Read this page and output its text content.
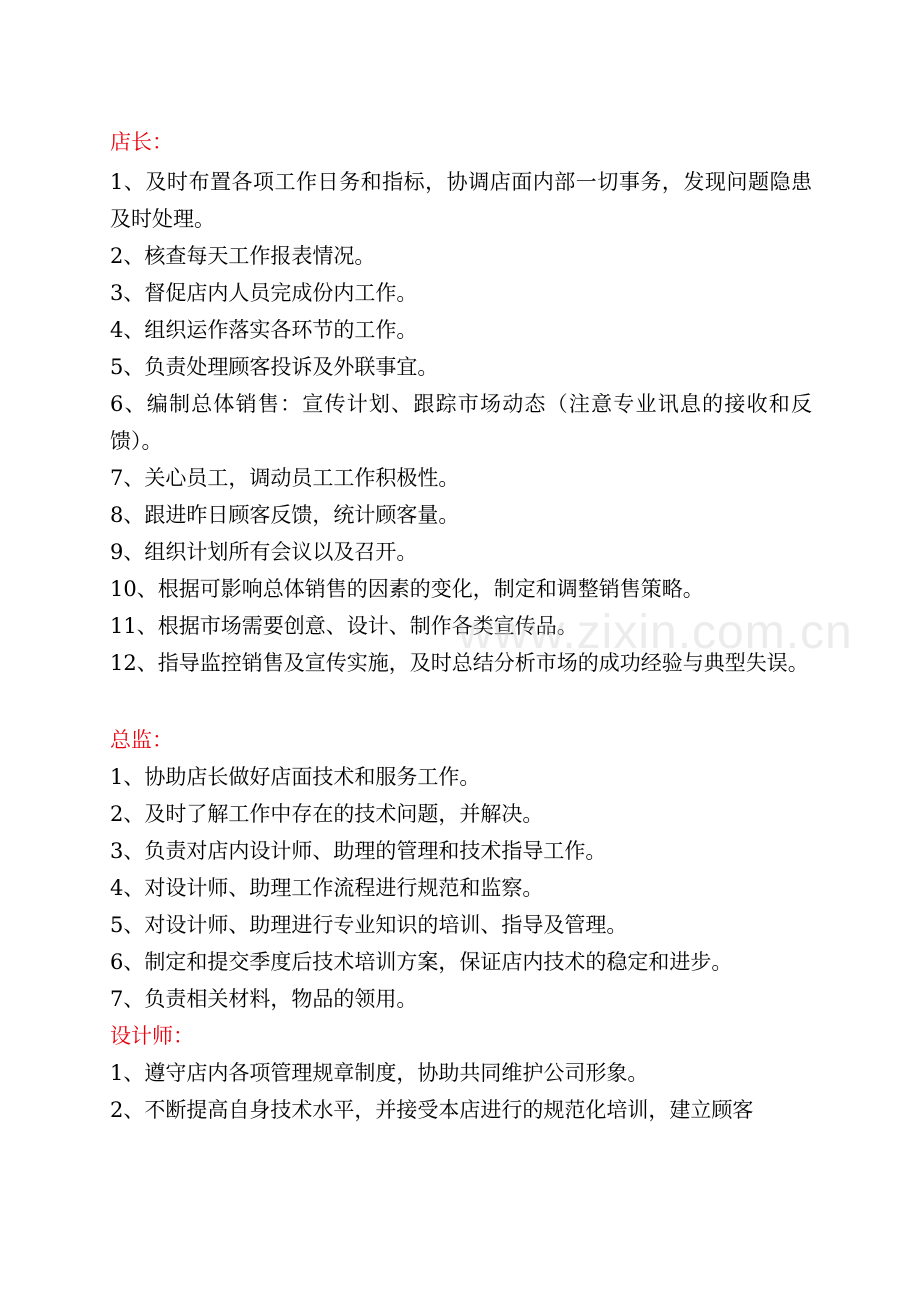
店长：

1、及时布置各项工作日务和指标，协调店面内部一切事务，发现问题隐患及时处理。

2、核查每天工作报表情况。

3、督促店内人员完成份内工作。

4、组织运作落实各环节的工作。

5、负责处理顾客投诉及外联事宜。

6、编制总体销售：宣传计划、跟踪市场动态（注意专业讯息的接收和反馈）。

7、关心员工，调动员工工作积极性。

8、跟进昨日顾客反馈，统计顾客量。

9、组织计划所有会议以及召开。

10、根据可影响总体销售的因素的变化，制定和调整销售策略。

11、根据市场需要创意、设计、制作各类宣传品。

12、指导监控销售及宣传实施，及时总结分析市场的成功经验与典型失误。

总监：

1、协助店长做好店面技术和服务工作。

2、及时了解工作中存在的技术问题，并解决。

3、负责对店内设计师、助理的管理和技术指导工作。

4、对设计师、助理工作流程进行规范和监察。

5、对设计师、助理进行专业知识的培训、指导及管理。

6、制定和提交季度后技术培训方案，保证店内技术的稳定和进步。

7、负责相关材料，物品的领用。

设计师：

1、遵守店内各项管理规章制度，协助共同维护公司形象。

2、不断提高自身技术水平，并接受本店进行的规范化培训，建立顾客

www.zixin.com.cn
